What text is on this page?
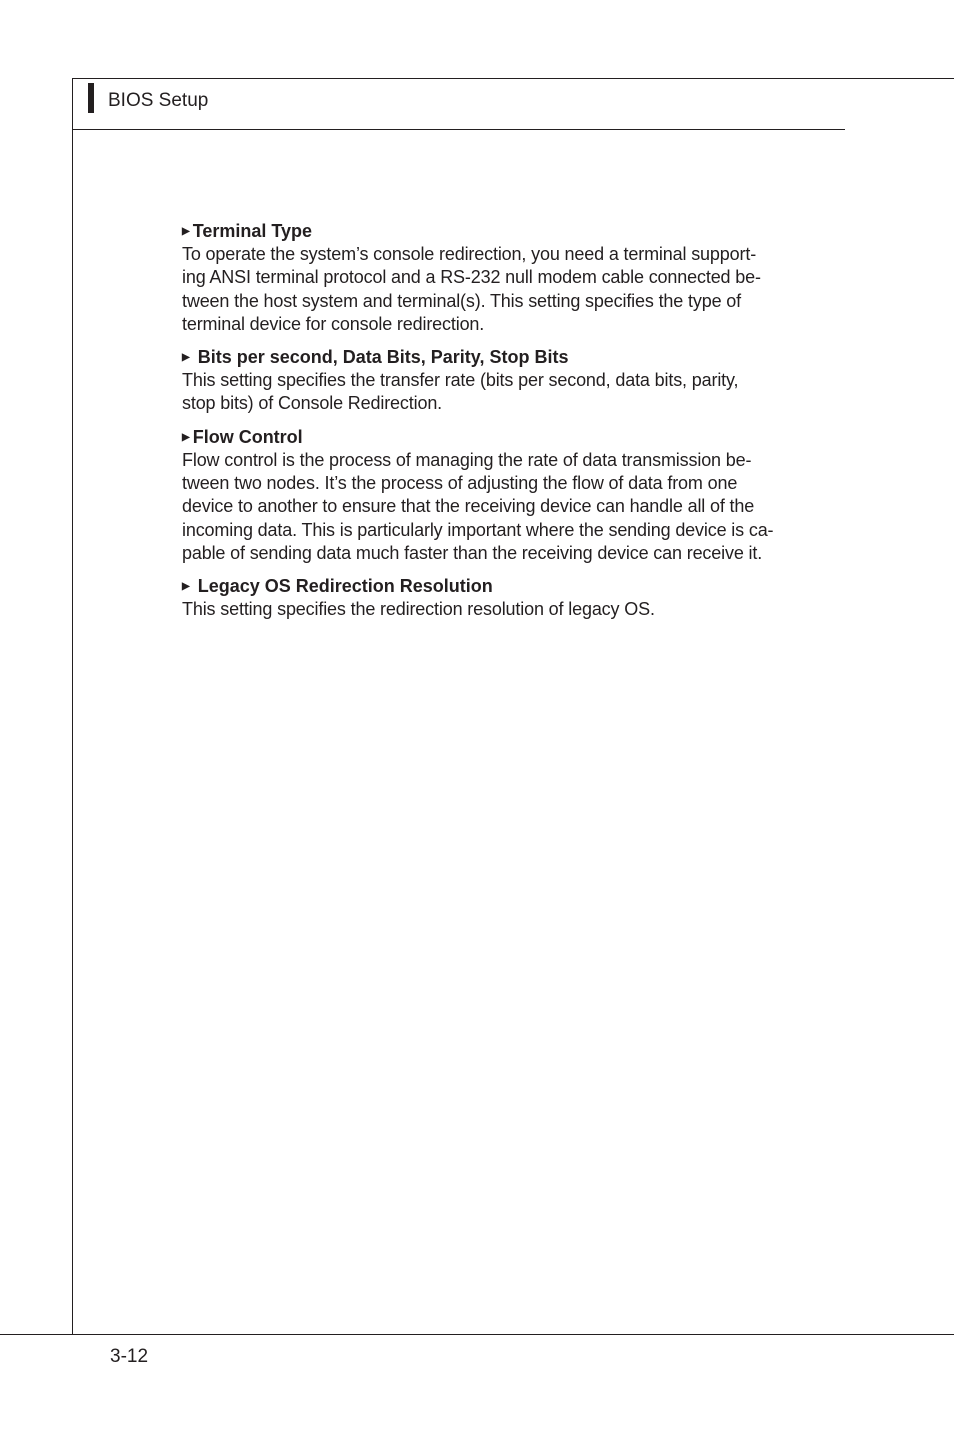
BIOS Setup
▶ Terminal Type
To operate the system’s console redirection, you need a terminal support-
ing ANSI terminal protocol and a RS-232 null modem cable connected be-
tween the host system and terminal(s). This setting specifies the type of
terminal device for console redirection.
▶ Bits per second, Data Bits, Parity, Stop Bits
This setting specifies the transfer rate (bits per second, data bits, parity,
stop bits) of Console Redirection.
▶ Flow Control
Flow control is the process of managing the rate of data transmission be-
tween two nodes. It’s the process of adjusting the flow of data from one
device to another to ensure that the receiving device can handle all of the
incoming data. This is particularly important where the sending device is ca-
pable of sending data much faster than the receiving device can receive it.
▶ Legacy OS Redirection Resolution
This setting specifies the redirection resolution of legacy OS.
3-12
